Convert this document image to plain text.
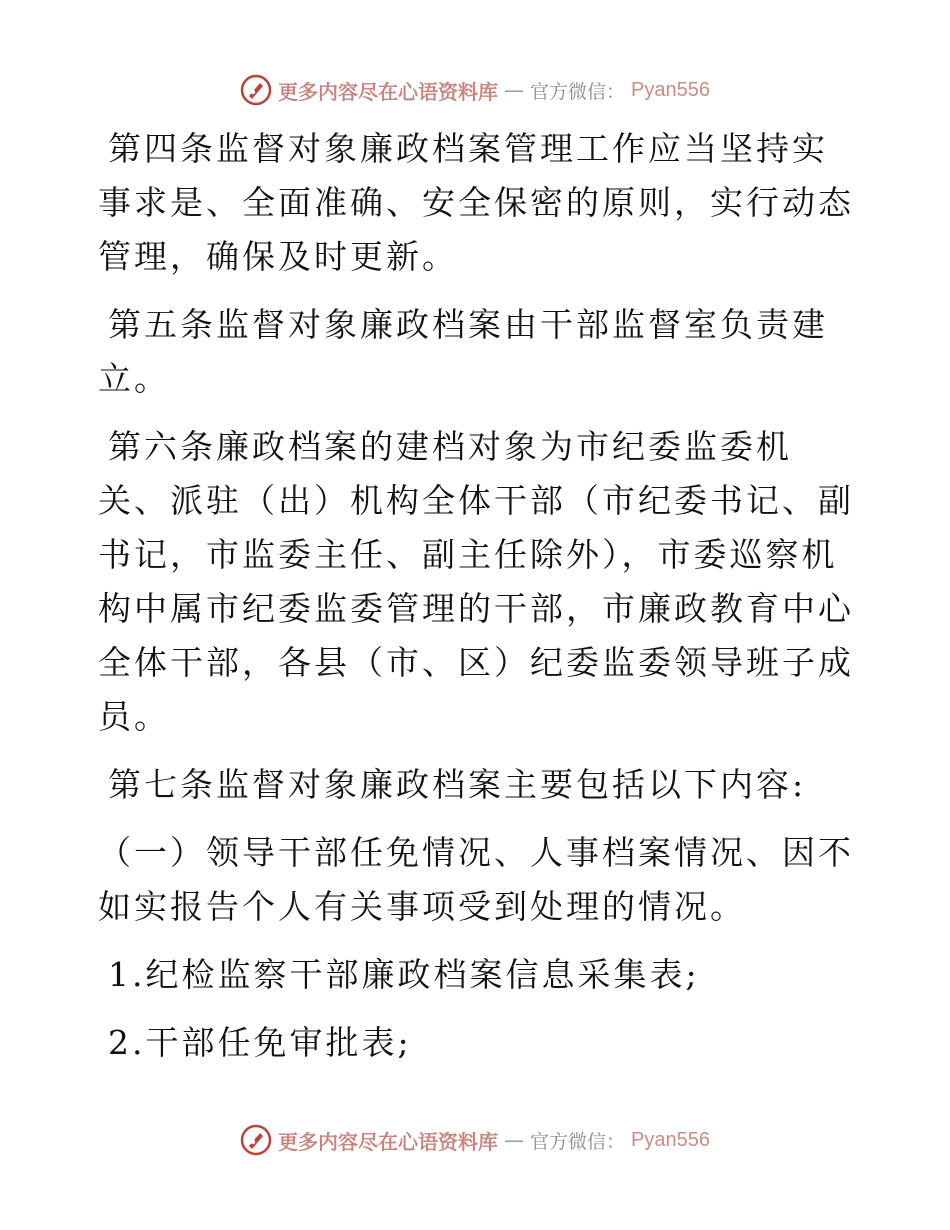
更多内容尽在心语资料库 — 官方微信： Pyan556

第四条监督对象廉政档案管理工作应当坚持实事求是、全面准确、安全保密的原则，实行动态管理，确保及时更新。

第五条监督对象廉政档案由干部监督室负责建立。

第六条廉政档案的建档对象为市纪委监委机关、派驻（出）机构全体干部（市纪委书记、副书记，市监委主任、副主任除外），市委巡察机构中属市纪委监委管理的干部，市廉政教育中心全体干部，各县（市、区）纪委监委领导班子成员。

第七条监督对象廉政档案主要包括以下内容:

（一）领导干部任免情况、人事档案情况、因不如实报告个人有关事项受到处理的情况。

1.纪检监察干部廉政档案信息采集表;

2.干部任免审批表;

更多内容尽在心语资料库 — 官方微信： Pyan556
